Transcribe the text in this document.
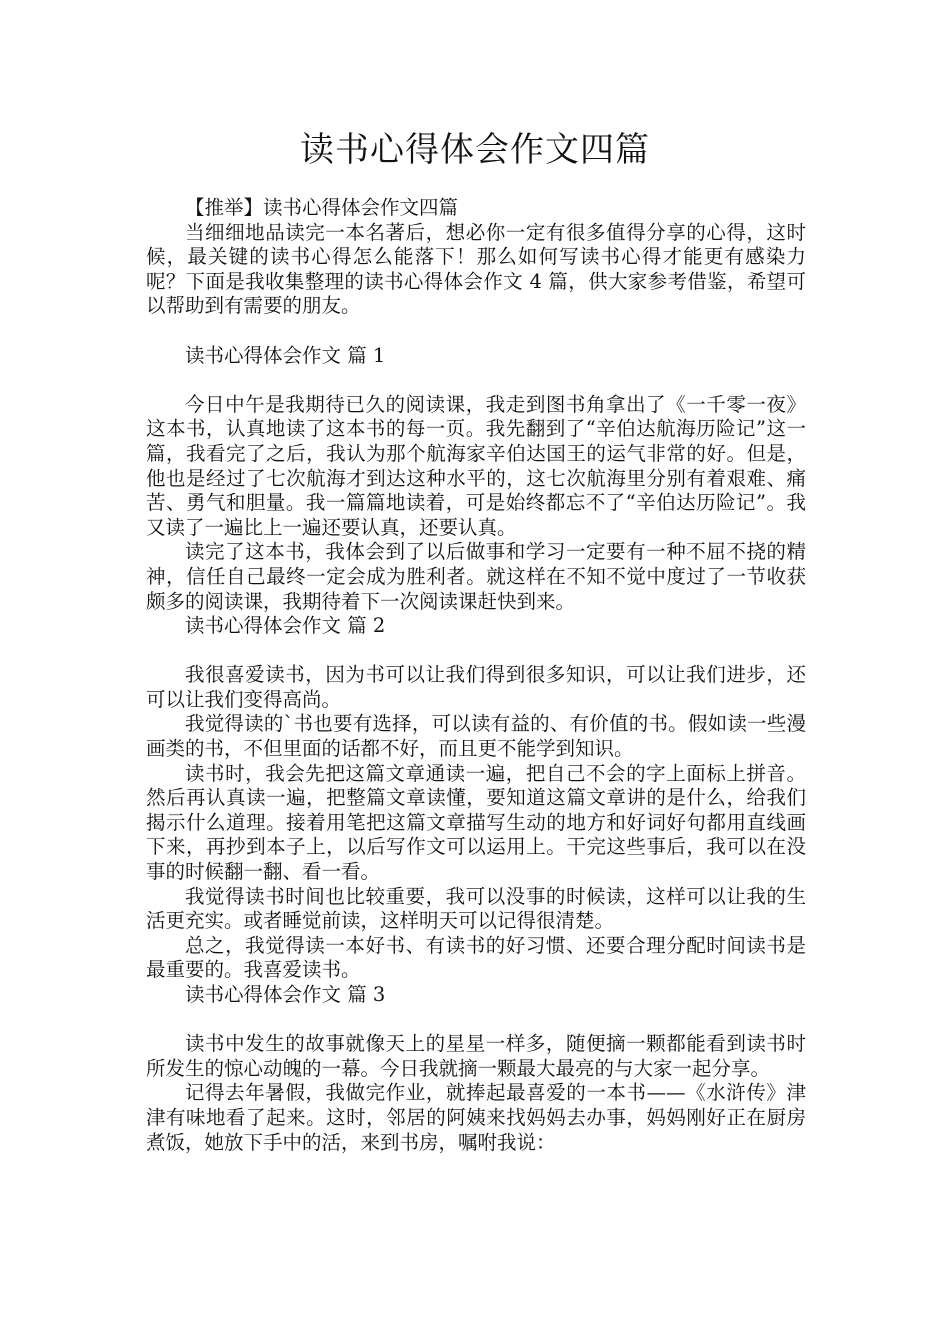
读书心得体会作文四篇

【推举】读书心得体会作文四篇

当细细地品读完一本名著后，想必你一定有很多值得分享的心得，这时候，最关键的读书心得怎么能落下！那么如何写读书心得才能更有感染力呢？下面是我收集整理的读书心得体会作文 4 篇，供大家参考借鉴，希望可以帮助到有需要的朋友。

读书心得体会作文 篇 1

今日中午是我期待已久的阅读课，我走到图书角拿出了《一千零一夜》这本书，认真地读了这本书的每一页。我先翻到了“辛伯达航海历险记”这一篇，我看完了之后，我认为那个航海家辛伯达国王的运气非常的好。但是，他也是经过了七次航海才到达这种水平的，这七次航海里分别有着艰难、痛苦、勇气和胆量。我一篇篇地读着，可是始终都忘不了“辛伯达历险记”。我又读了一遍比上一遍还要认真，还要认真。

读完了这本书，我体会到了以后做事和学习一定要有一种不屈不挠的精神，信任自己最终一定会成为胜利者。就这样在不知不觉中度过了一节收获颇多的阅读课，我期待着下一次阅读课赶快到来。

读书心得体会作文 篇 2

我很喜爱读书，因为书可以让我们得到很多知识，可以让我们进步，还可以让我们变得高尚。

我觉得读的`书也要有选择，可以读有益的、有价值的书。假如读一些漫画类的书，不但里面的话都不好，而且更不能学到知识。

读书时，我会先把这篇文章通读一遍，把自己不会的字上面标上拼音。然后再认真读一遍，把整篇文章读懂，要知道这篇文章讲的是什么，给我们揭示什么道理。接着用笔把这篇文章描写生动的地方和好词好句都用直线画下来，再抄到本子上，以后写作文可以运用上。干完这些事后，我可以在没事的时候翻一翻、看一看。

我觉得读书时间也比较重要，我可以没事的时候读，这样可以让我的生活更充实。或者睡觉前读，这样明天可以记得很清楚。

总之，我觉得读一本好书、有读书的好习惯、还要合理分配时间读书是最重要的。我喜爱读书。

读书心得体会作文 篇 3

读书中发生的故事就像天上的星星一样多，随便摘一颗都能看到读书时所发生的惊心动魄的一幕。今日我就摘一颗最大最亮的与大家一起分享。

记得去年暑假，我做完作业，就捧起最喜爱的一本书——《水浒传》津津有味地看了起来。这时，邻居的阿姨来找妈妈去办事，妈妈刚好正在厨房煮饭，她放下手中的活，来到书房，嘱咐我说：
